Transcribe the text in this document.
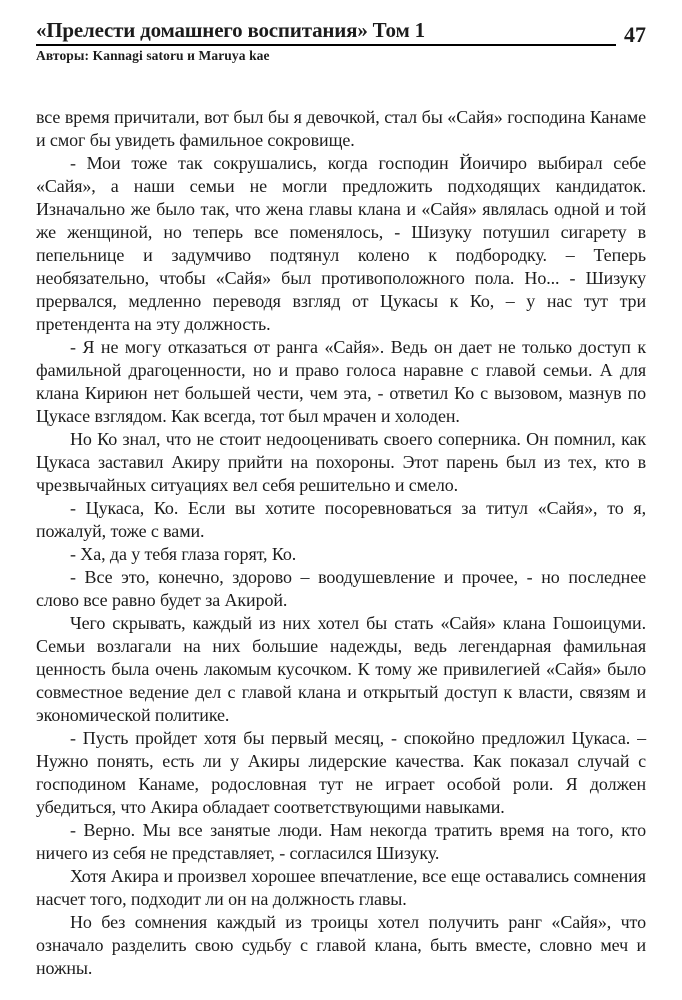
«Прелести домашнего воспитания» Том 1	47
Авторы: Kannagi satoru и Maruya kae

все время причитали, вот был бы я девочкой, стал бы «Сайя» господина Канаме и смог бы увидеть фамильное сокровище.

- Мои тоже так сокрушались, когда господин Йоичиро выбирал себе «Сайя», а наши семьи не могли предложить подходящих кандидаток. Изначально же было так, что жена главы клана и «Сайя» являлась одной и той же женщиной, но теперь все поменялось, - Шизуку потушил сигарету в пепельнице и задумчиво подтянул колено к подбородку. – Теперь необязательно, чтобы «Сайя» был противоположного пола. Но... - Шизуку прервался, медленно переводя взгляд от Цукасы к Ко, – у нас тут три претендента на эту должность.

- Я не могу отказаться от ранга «Сайя». Ведь он дает не только доступ к фамильной драгоценности, но и право голоса наравне с главой семьи. А для клана Кириюн нет большей чести, чем эта, - ответил Ко с вызовом, мазнув по Цукасе взглядом. Как всегда, тот был мрачен и холоден.

Но Ко знал, что не стоит недооценивать своего соперника. Он помнил, как Цукаса заставил Акиру прийти на похороны. Этот парень был из тех, кто в чрезвычайных ситуациях вел себя решительно и смело.

- Цукаса, Ко. Если вы хотите посоревноваться за титул «Сайя», то я, пожалуй, тоже с вами.

- Ха, да у тебя глаза горят, Ко.

- Все это, конечно, здорово – воодушевление и прочее, - но последнее слово все равно будет за Акирой.

Чего скрывать, каждый из них хотел бы стать «Сайя» клана Гошоицуми. Семьи возлагали на них большие надежды, ведь легендарная фамильная ценность была очень лакомым кусочком. К тому же привилегией «Сайя» было совместное ведение дел с главой клана и открытый доступ к власти, связям и экономической политике.

- Пусть пройдет хотя бы первый месяц, - спокойно предложил Цукаса. – Нужно понять, есть ли у Акиры лидерские качества. Как показал случай с господином Канаме, родословная тут не играет особой роли. Я должен убедиться, что Акира обладает соответствующими навыками.

- Верно. Мы все занятые люди. Нам некогда тратить время на того, кто ничего из себя не представляет, - согласился Шизуку.

Хотя Акира и произвел хорошее впечатление, все еще оставались сомнения насчет того, подходит ли он на должность главы.

Но без сомнения каждый из троицы хотел получить ранг «Сайя», что означало разделить свою судьбу с главой клана, быть вместе, словно меч и ножны.
